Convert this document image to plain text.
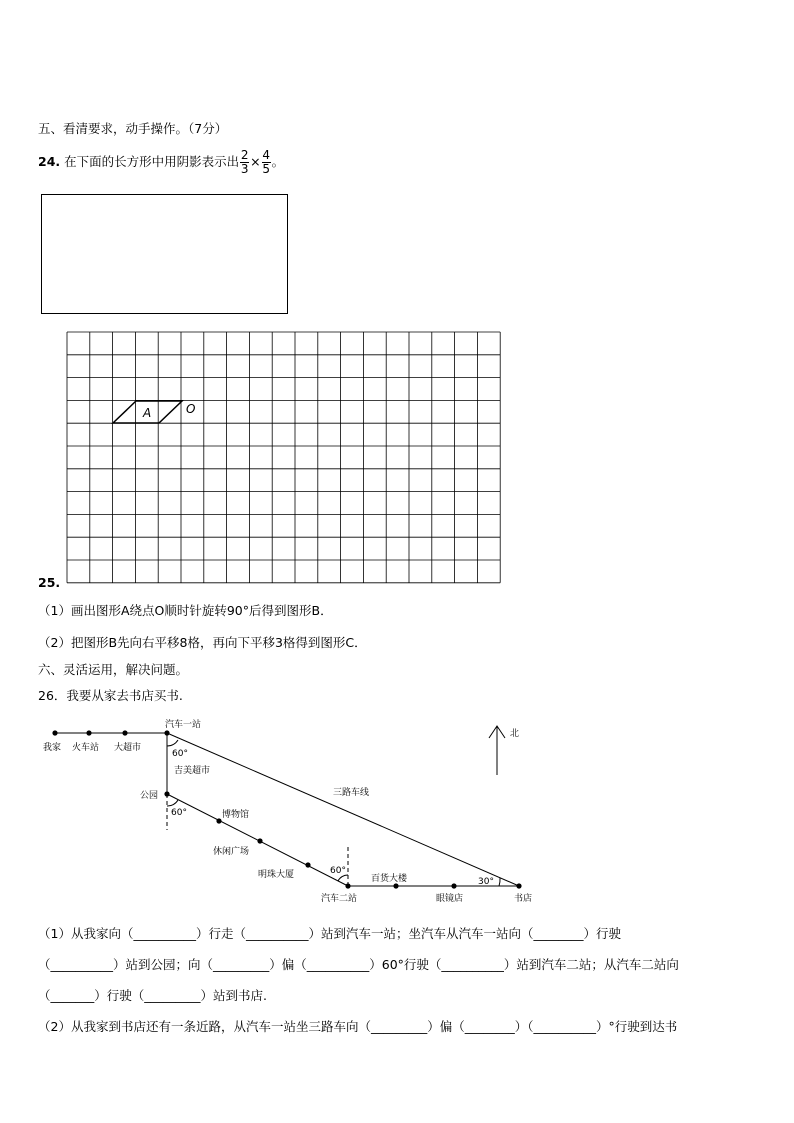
五、看清要求，动手操作。（7分）
24. 在下面的长方形中用阴影表示出 $\frac{2}{3} \times \frac{4}{5}$ 。
A	O
25.
（1）画出图形A绕点O顺时针旋转90°后得到图形B．
（2）把图形B先向右平移8格，再向下平移3格得到图形C．
六、灵活运用，解决问题。
26．我要从家去书店买书.
我家 火车站 大超市
汽车一站
60°
吉美超市
公园
60°	博物馆
休闲广场
明珠大厦	60°
汽车二站
百货大楼
眼镜店
30°
书店
三路车线
北
（1）从我家向（__________）行走（__________）站到汽车一站；坐汽车从汽车一站向（________）行驶
（__________）站到公园；向（_________）偏（__________）60°行驶（__________）站到汽车二站；从汽车二站向
（_______）行驶（_________）站到书店.
（2）从我家到书店还有一条近路，从汽车一站坐三路车向（_________）偏（________）（__________）°行驶到达书
